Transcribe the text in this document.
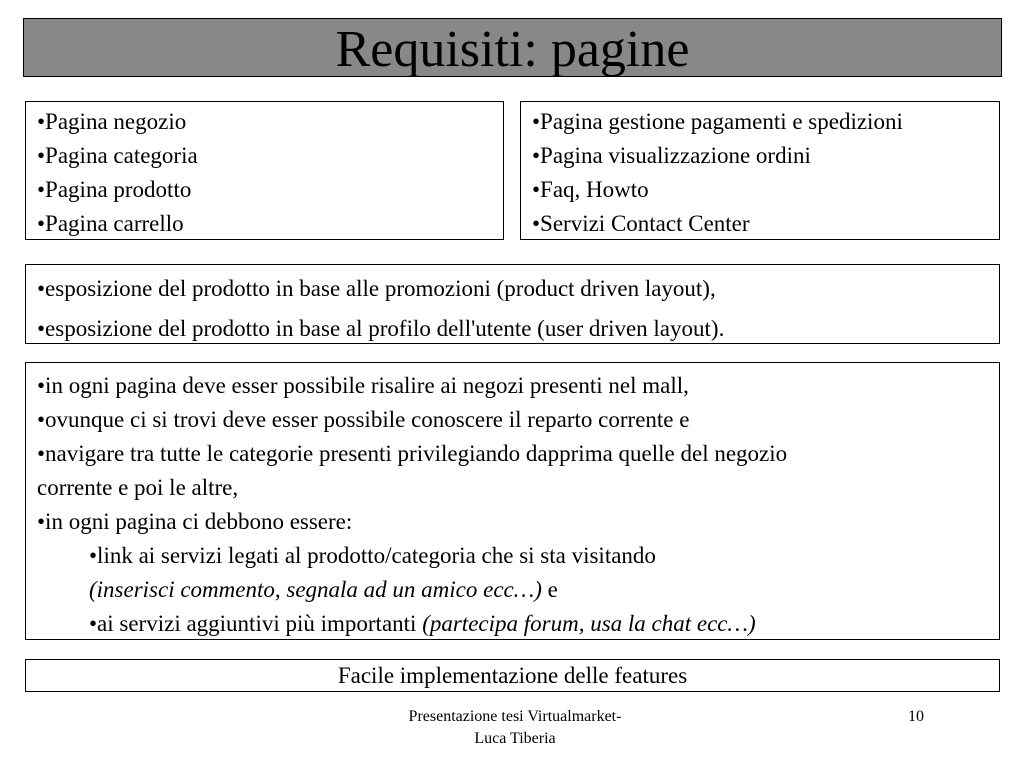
Requisiti: pagine
•Pagina negozio
•Pagina categoria
•Pagina prodotto
•Pagina carrello
•Pagina gestione pagamenti e spedizioni
•Pagina visualizzazione ordini
•Faq, Howto
•Servizi Contact Center
•esposizione del prodotto in base alle promozioni (product driven layout),
•esposizione del prodotto in base al profilo dell'utente (user driven layout).
•in ogni pagina deve esser possibile risalire ai negozi presenti nel mall,
•ovunque ci si trovi deve esser possibile conoscere il reparto corrente e
•navigare tra tutte le categorie presenti privilegiando dapprima quelle del negozio
corrente e poi le altre,
•in ogni pagina ci debbono essere:
•link ai servizi legati al prodotto/categoria che si sta visitando
(inserisci commento, segnala ad un amico ecc…) e
•ai servizi aggiuntivi più importanti (partecipa forum, usa la chat ecc…)
Facile implementazione delle features
Presentazione tesi Virtualmarket-
Luca Tiberia
10
